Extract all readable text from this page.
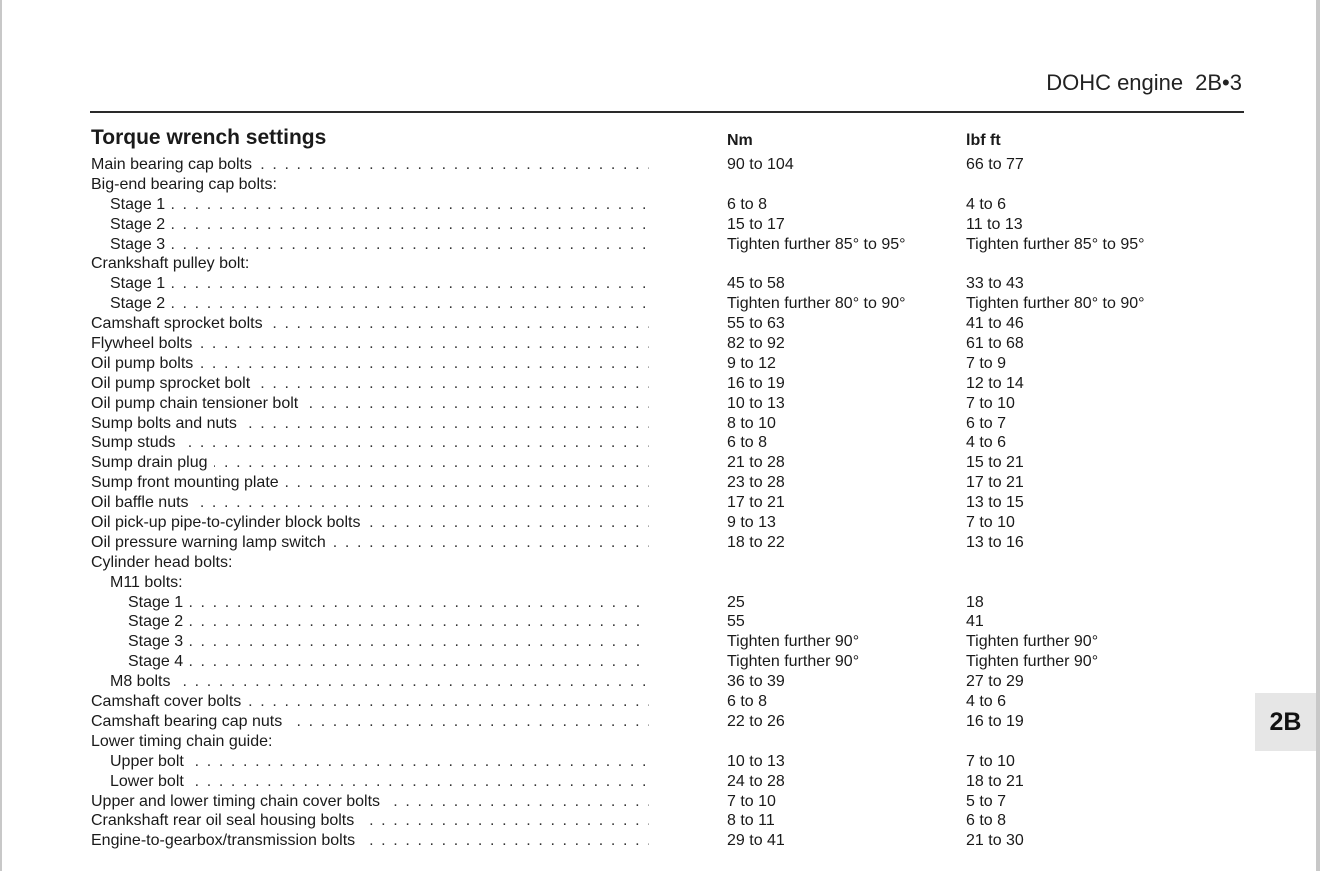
DOHC engine 2B•3
Torque wrench settings	Nm	lbf ft
Main bearing cap bolts . . .	90 to 104	66 to 77
Big-end bearing cap bolts:
Stage 1 . . .	6 to 8	4 to 6
Stage 2 . . .	15 to 17	11 to 13
Stage 3 . . .	Tighten further 85° to 95°	Tighten further 85° to 95°
Crankshaft pulley bolt:
Stage 1 . . .	45 to 58	33 to 43
Stage 2 . . .	Tighten further 80° to 90°	Tighten further 80° to 90°
Camshaft sprocket bolts . . .	55 to 63	41 to 46
Flywheel bolts . . .	82 to 92	61 to 68
Oil pump bolts . . .	9 to 12	7 to 9
Oil pump sprocket bolt . . .	16 to 19	12 to 14
Oil pump chain tensioner bolt . . .	10 to 13	7 to 10
Sump bolts and nuts . . .	8 to 10	6 to 7
Sump studs . . .	6 to 8	4 to 6
Sump drain plug . . .	21 to 28	15 to 21
Sump front mounting plate . . .	23 to 28	17 to 21
Oil baffle nuts . . .	17 to 21	13 to 15
Oil pick-up pipe-to-cylinder block bolts . . .	9 to 13	7 to 10
Oil pressure warning lamp switch . . .	18 to 22	13 to 16
Cylinder head bolts:
M11 bolts:
Stage 1 . . .	25	18
Stage 2 . . .	55	41
Stage 3 . . .	Tighten further 90°	Tighten further 90°
Stage 4 . . .	Tighten further 90°	Tighten further 90°
M8 bolts . . .	36 to 39	27 to 29
Camshaft cover bolts . . .	6 to 8	4 to 6
Camshaft bearing cap nuts . . .	22 to 26	16 to 19
Lower timing chain guide:
Upper bolt . . .	10 to 13	7 to 10
Lower bolt . . .	24 to 28	18 to 21
Upper and lower timing chain cover bolts . . .	7 to 10	5 to 7
Crankshaft rear oil seal housing bolts . . .	8 to 11	6 to 8
Engine-to-gearbox/transmission bolts . . .	29 to 41	21 to 30
2B
